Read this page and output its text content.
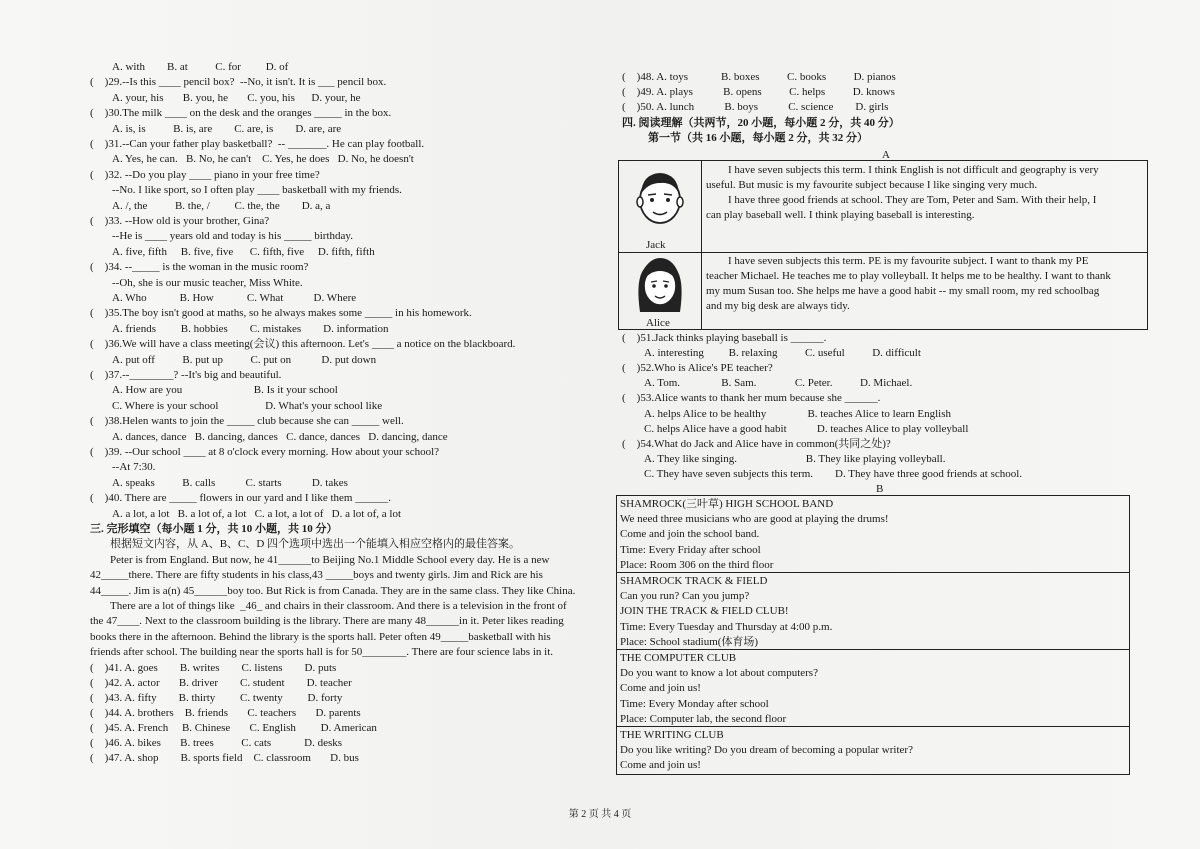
A. with        B. at          C. for         D. of
(    )29.--Is this ____ pencil box?  --No, it isn't. It is ___ pencil box.
A. your, his       B. you, he       C. you, his      D. your, he
(    )30.The milk ____ on the desk and the oranges _____ in the box.
A. is, is          B. is, are        C. are, is        D. are, are
(    )31.--Can your father play basketball?  -- _______. He can play football.
A. Yes, he can.   B. No, he can't    C. Yes, he does   D. No, he doesn't
(    )32. --Do you play ____ piano in your free time?
--No. I like sport, so I often play ____ basketball with my friends.
A. /, the          B. the, /         C. the, the        D. a, a
(    )33. --How old is your brother, Gina?
--He is ____ years old and today is his _____ birthday.
A. five, fifth     B. five, five      C. fifth, five     D. fifth, fifth
(    )34. --_____ is the woman in the music room?
--Oh, she is our music teacher, Miss White.
A. Who            B. How            C. What           D. Where
(    )35.The boy isn't good at maths, so he always makes some _____ in his homework.
A. friends         B. hobbies        C. mistakes        D. information
(    )36.We will have a class meeting(会议) this afternoon. Let's ____ a notice on the blackboard.
A. put off          B. put up          C. put on           D. put down
(    )37.--________? --It's big and beautiful.
A. How are you                          B. Is it your school
C. Where is your school                 D. What's your school like
(    )38.Helen wants to join the _____ club because she can _____ well.
A. dances, dance   B. dancing, dances   C. dance, dances   D. dancing, dance
(    )39. --Our school ____ at 8 o'clock every morning. How about your school?
--At 7:30.
A. speaks          B. calls           C. starts           D. takes
(    )40. There are _____ flowers in our yard and I like them ______.
A. a lot, a lot   B. a lot of, a lot   C. a lot, a lot of   D. a lot of, a lot
三. 完形填空（每小题 1 分，共 10 小题，共 10 分）
根据短文内容，从 A、B、C、D 四个选项中选出一个能填入相应空格内的最佳答案。
Peter is from England. But now, he 41______to Beijing No.1 Middle School every day. He is a new
42_____there. There are fifty students in his class,43 _____boys and twenty girls. Jim and Rick are his
44_____. Jim is a(n) 45______boy too. But Rick is from Canada. They are in the same class. They like China.
There are a lot of things like  _46_ and chairs in their classroom. And there is a television in the front of
the 47____. Next to the classroom building is the library. There are many 48______in it. Peter likes reading
books there in the afternoon. Behind the library is the sports hall. Peter often 49_____basketball with his
friends after school. The building near the sports hall is for 50________. There are four science labs in it.
(    )41. A. goes        B. writes        C. listens        D. puts
(    )42. A. actor       B. driver        C. student        D. teacher
(    )43. A. fifty        B. thirty         C. twenty         D. forty
(    )44. A. brothers    B. friends       C. teachers       D. parents
(    )45. A. French     B. Chinese       C. English         D. American
(    )46. A. bikes       B. trees          C. cats            D. desks
(    )47. A. shop        B. sports field    C. classroom       D. bus
A
Jack
Alice
B
(    )48. A. toys            B. boxes          C. books          D. pianos
(    )49. A. plays           B. opens          C. helps          D. knows
(    )50. A. lunch           B. boys           C. science        D. girls
四. 阅读理解（共两节，20 小题，每小题 2 分，共 40 分）
第一节（共 16 小题，每小题 2 分，共 32 分）
I have seven subjects this term. I think English is not difficult and geography is very
useful. But music is my favourite subject because I like singing very much.
I have three good friends at school. They are Tom, Peter and Sam. With their help, I
can play baseball well. I think playing baseball is interesting.
I have seven subjects this term. PE is my favourite subject. I want to thank my PE
teacher Michael. He teaches me to play volleyball. It helps me to be healthy. I want to thank
my mum Susan too. She helps me have a good habit -- my small room, my red schoolbag
and my big desk are always tidy.
(    )51.Jack thinks playing baseball is ______.
A. interesting         B. relaxing          C. useful          D. difficult
(    )52.Who is Alice's PE teacher?
A. Tom.               B. Sam.              C. Peter.          D. Michael.
(    )53.Alice wants to thank her mum because she ______.
A. helps Alice to be healthy               B. teaches Alice to learn English
C. helps Alice have a good habit           D. teaches Alice to play volleyball
(    )54.What do Jack and Alice have in common(共同之处)?
A. They like singing.                         B. They like playing volleyball.
C. They have seven subjects this term.        D. They have three good friends at school.
SHAMROCK(三叶草) HIGH SCHOOL BAND
We need three musicians who are good at playing the drums!
Come and join the school band.
Time: Every Friday after school
Place: Room 306 on the third floor
SHAMROCK TRACK & FIELD
Can you run? Can you jump?
JOIN THE TRACK & FIELD CLUB!
Time: Every Tuesday and Thursday at 4:00 p.m.
Place: School stadium(体育场)
THE COMPUTER CLUB
Do you want to know a lot about computers?
Come and join us!
Time: Every Monday after school
Place: Computer lab, the second floor
THE WRITING CLUB
Do you like writing? Do you dream of becoming a popular writer?
Come and join us!
第 2 页 共 4 页
